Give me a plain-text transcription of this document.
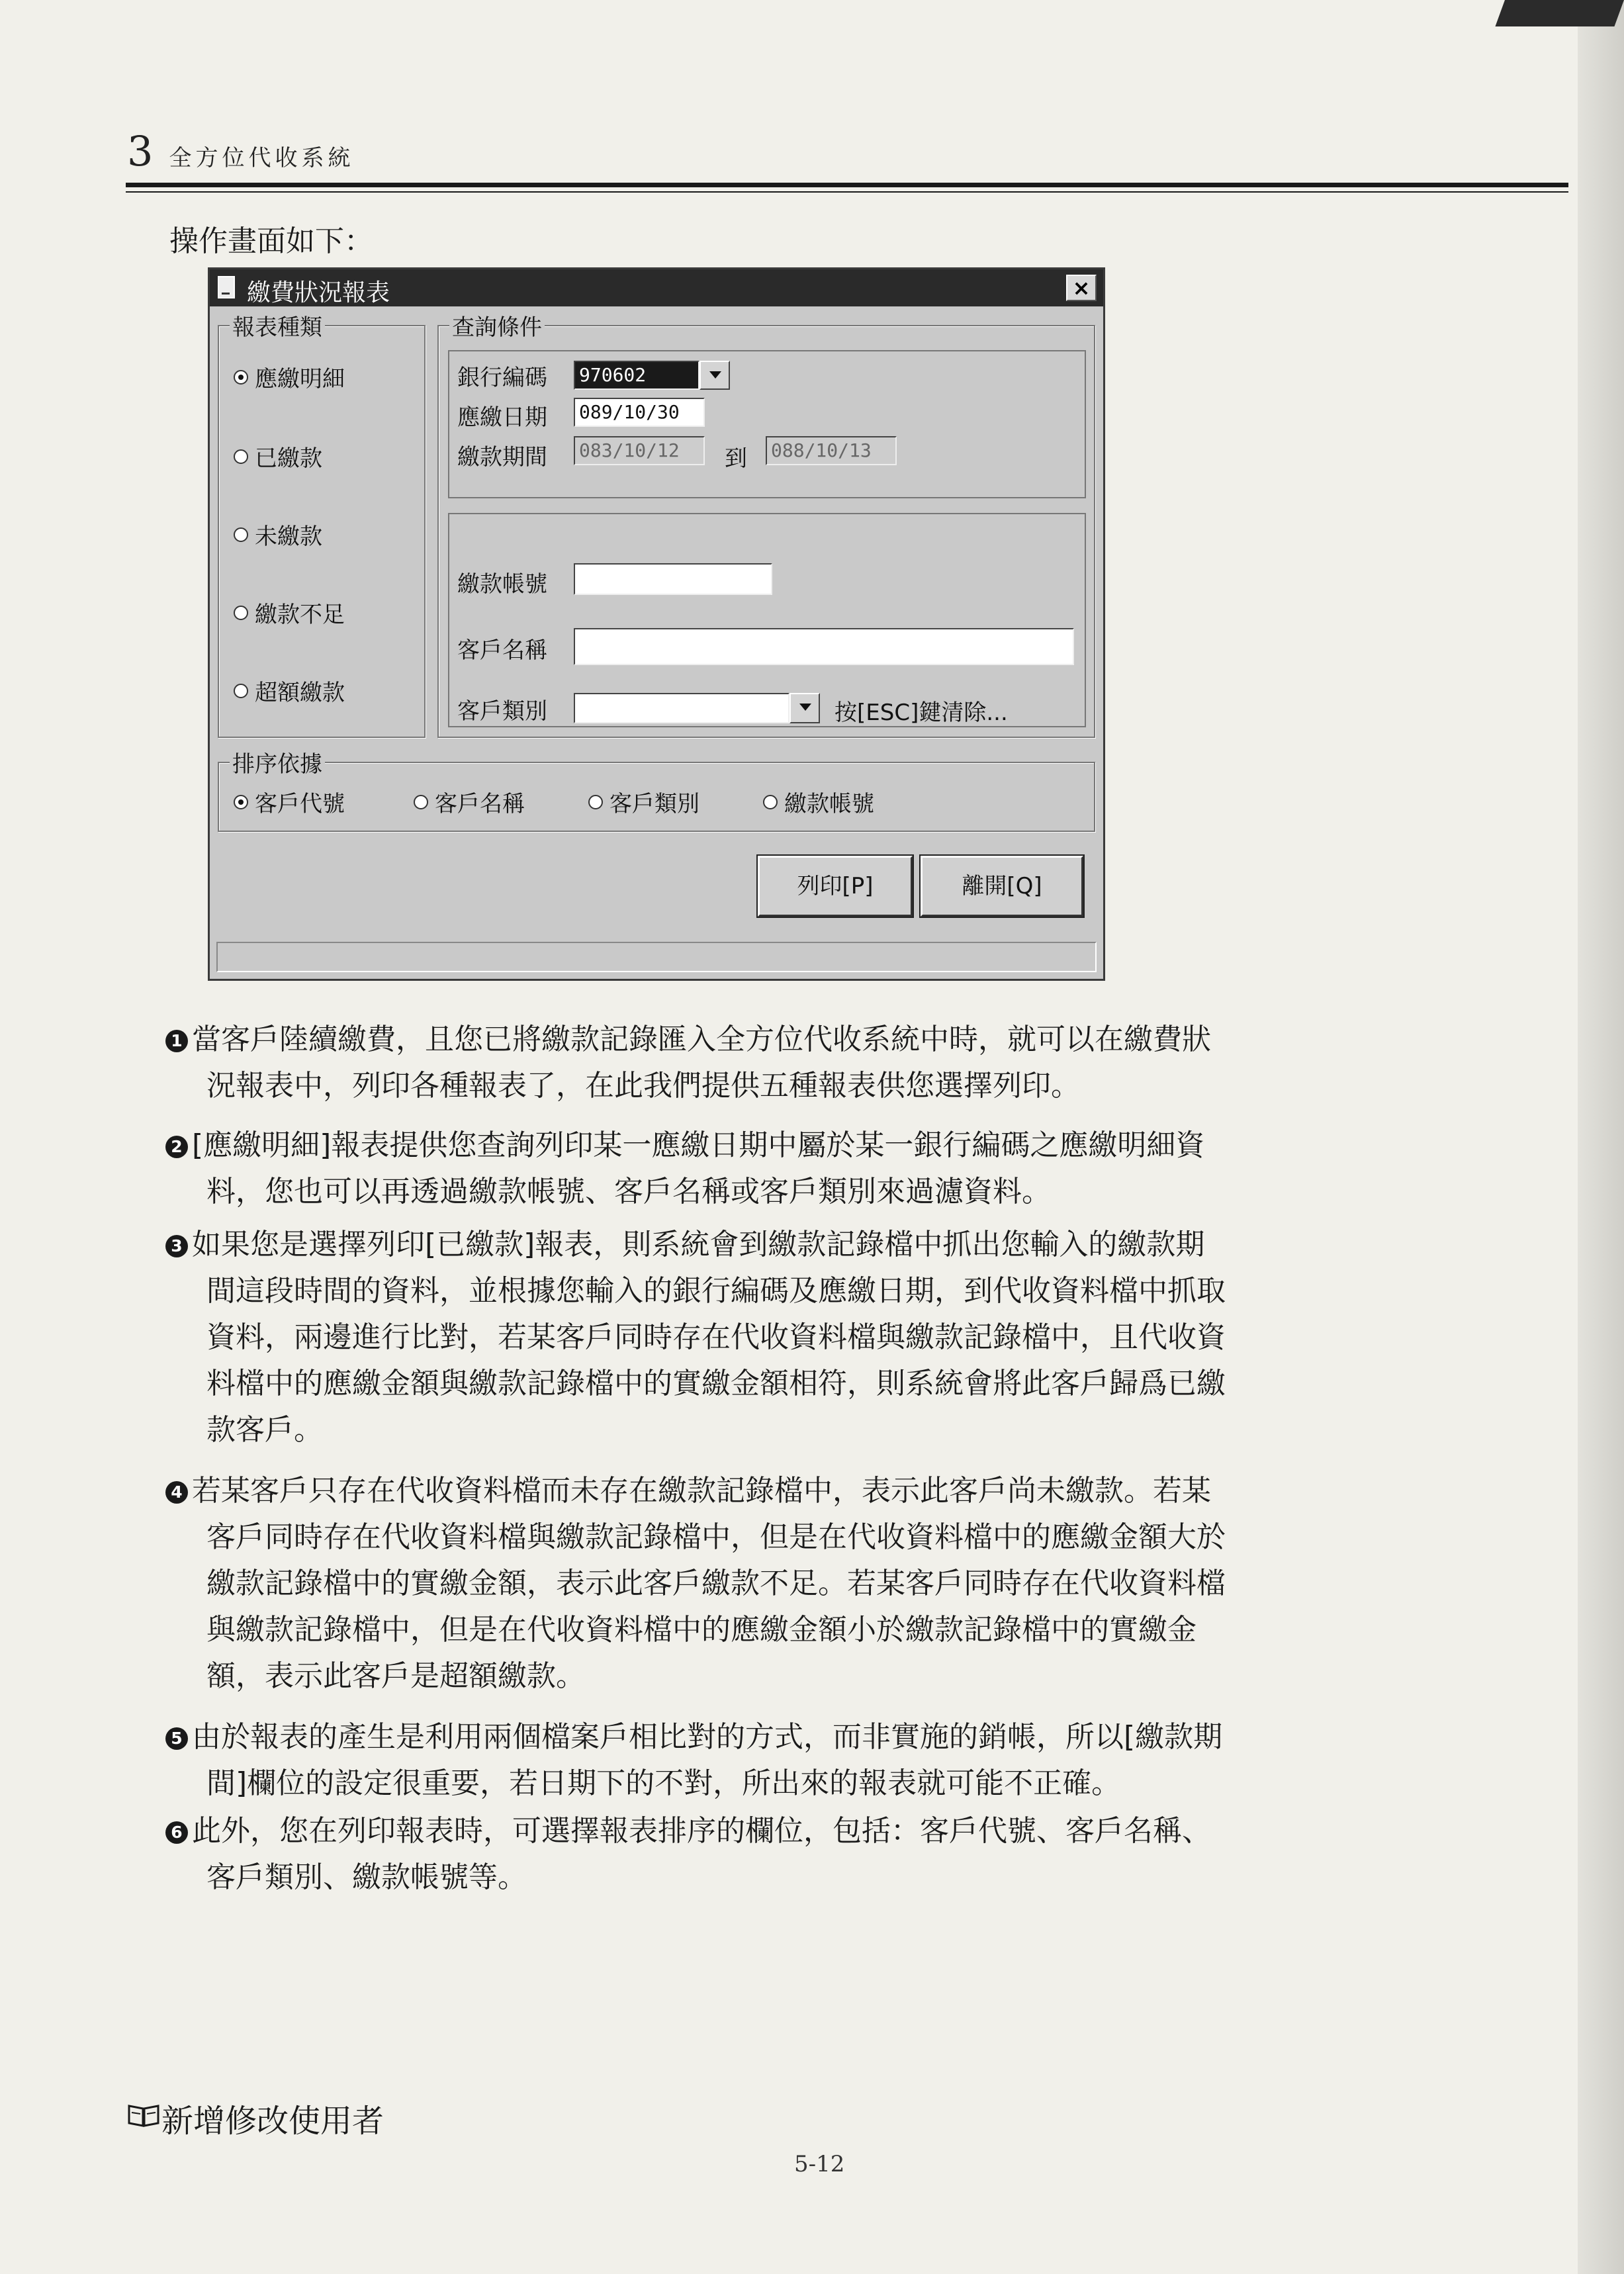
3 全方位代收系統
操作畫面如下：
繳費狀況報表	×
報表種類
應繳明細
已繳款
未繳款
繳款不足
超額繳款
查詢條件
銀行編碼 970602
應繳日期 089/10/30
繳款期間 083/10/12	到 088/10/13
繳款帳號
客戶名稱
客戶類別	按[ESC]鍵清除...
排序依據
客戶代號	客戶名稱	客戶類別	繳款帳號
列印[P]	離開[Q]
1 當客戶陸續繳費，且您已將繳款記錄匯入全方位代收系統中時，就可以在繳費狀
況報表中，列印各種報表了，在此我們提供五種報表供您選擇列印。
2 [應繳明細]報表提供您查詢列印某一應繳日期中屬於某一銀行編碼之應繳明細資
料，您也可以再透過繳款帳號、客戶名稱或客戶類別來過濾資料。
3 如果您是選擇列印[已繳款]報表，則系統會到繳款記錄檔中抓出您輸入的繳款期
間這段時間的資料，並根據您輸入的銀行編碼及應繳日期，到代收資料檔中抓取
資料，兩邊進行比對，若某客戶同時存在代收資料檔與繳款記錄檔中，且代收資
料檔中的應繳金額與繳款記錄檔中的實繳金額相符，則系統會將此客戶歸爲已繳
款客戶。
4 若某客戶只存在代收資料檔而未存在繳款記錄檔中，表示此客戶尚未繳款。若某
客戶同時存在代收資料檔與繳款記錄檔中，但是在代收資料檔中的應繳金額大於
繳款記錄檔中的實繳金額，表示此客戶繳款不足。若某客戶同時存在代收資料檔
與繳款記錄檔中，但是在代收資料檔中的應繳金額小於繳款記錄檔中的實繳金
額，表示此客戶是超額繳款。
5 由於報表的產生是利用兩個檔案戶相比對的方式，而非實施的銷帳，所以[繳款期
間]欄位的設定很重要，若日期下的不對，所出來的報表就可能不正確。
6 此外，您在列印報表時，可選擇報表排序的欄位，包括：客戶代號、客戶名稱、
客戶類別、繳款帳號等。
新增修改使用者
5-12
